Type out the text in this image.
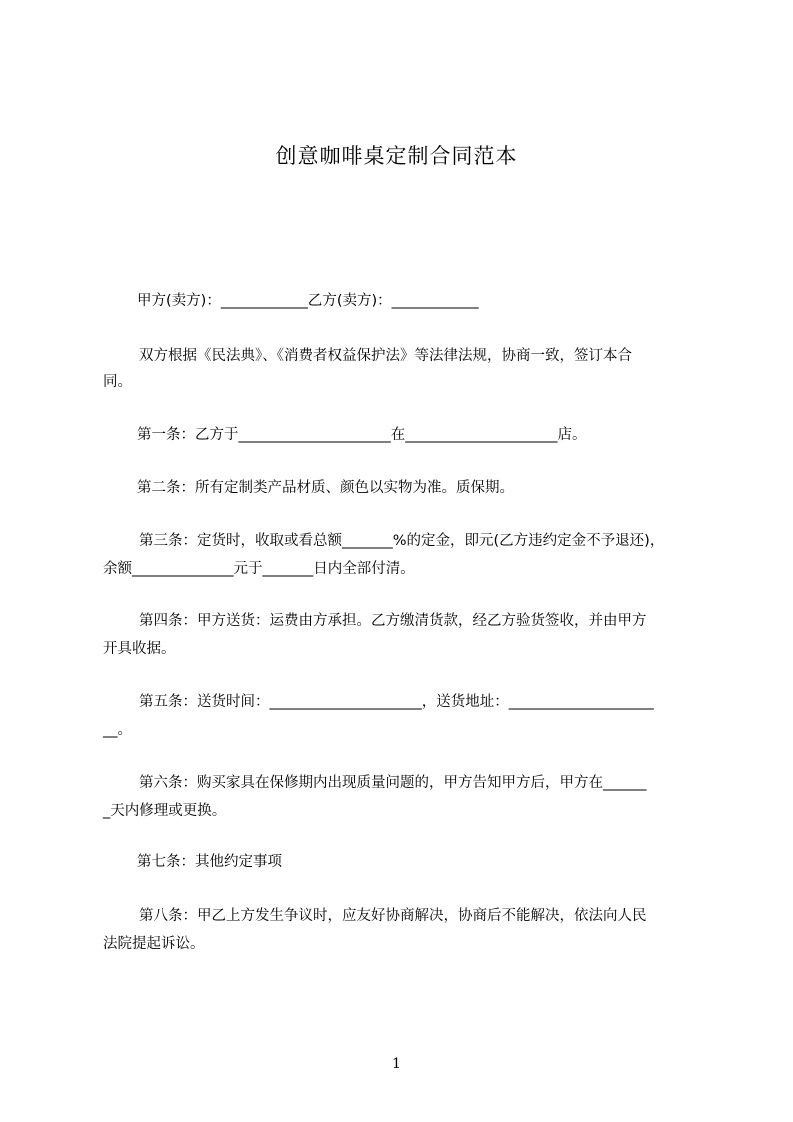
创意咖啡桌定制合同范本
甲方(卖方)：____________乙方(卖方)：____________
双方根据《民法典》、《消费者权益保护法》等法律法规，协商一致，签订本合
同。
第一条：乙方于_____________________在_____________________店。
第二条：所有定制类产品材质、颜色以实物为准。质保期。
第三条：定货时，收取或看总额_______%的定金，即元(乙方违约定金不予退还)，
余额______________元于_______日内全部付清。
第四条：甲方送货：运费由方承担。乙方缴清货款，经乙方验货签收，并由甲方
开具收据。
第五条：送货时间：_____________________，送货地址：____________________
__。
第六条：购买家具在保修期内出现质量问题的，甲方告知甲方后，甲方在______
_天内修理或更换。
第七条：其他约定事项
第八条：甲乙上方发生争议时，应友好协商解决，协商后不能解决，依法向人民
法院提起诉讼。
1
